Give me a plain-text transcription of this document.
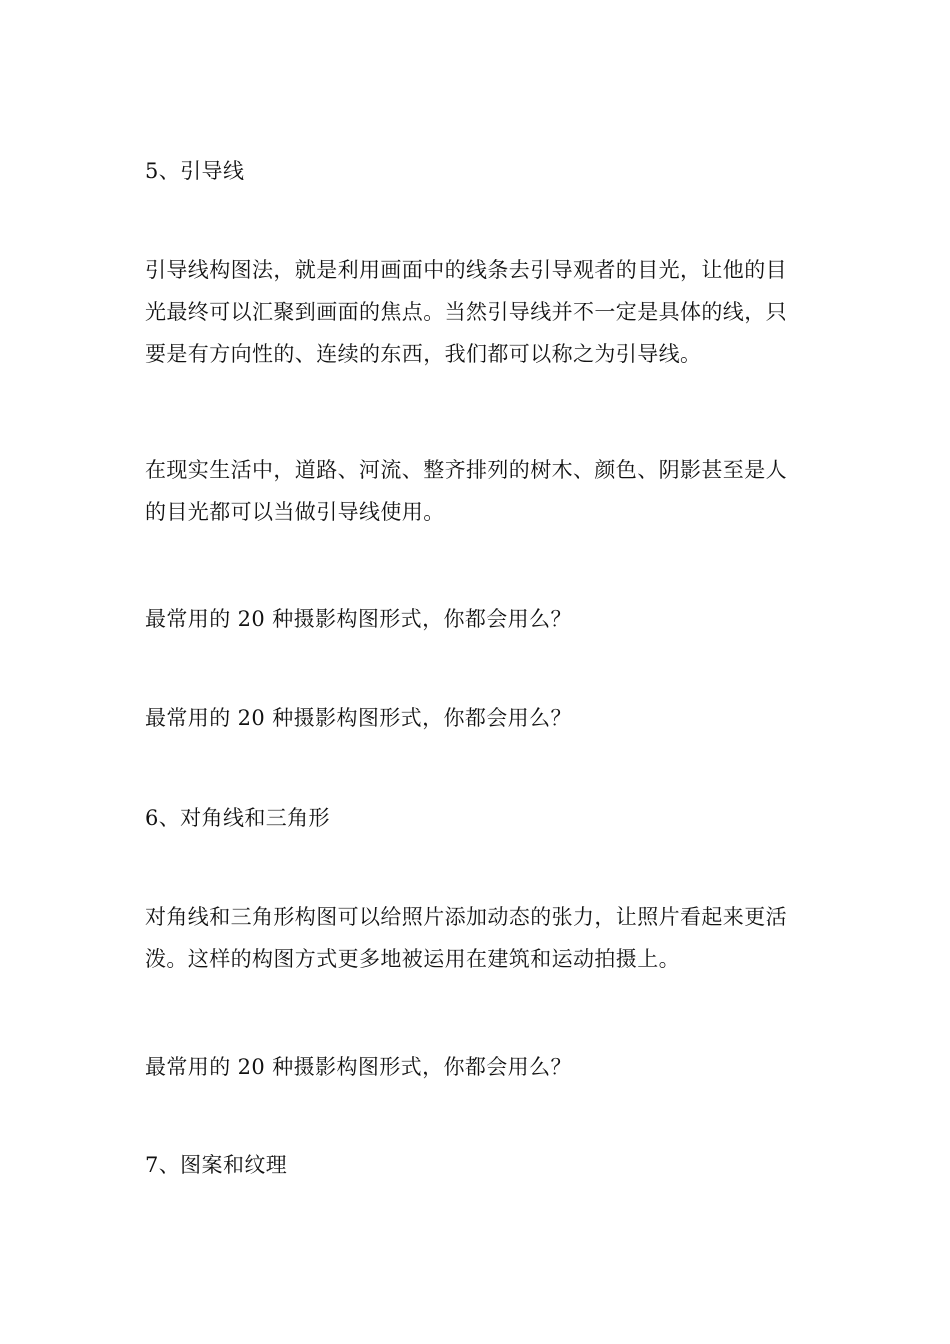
5、引导线

引导线构图法，就是利用画面中的线条去引导观者的目光，让他的目
光最终可以汇聚到画面的焦点。当然引导线并不一定是具体的线，只
要是有方向性的、连续的东西，我们都可以称之为引导线。

在现实生活中，道路、河流、整齐排列的树木、颜色、阴影甚至是人
的目光都可以当做引导线使用。

最常用的 20 种摄影构图形式，你都会用么？

最常用的 20 种摄影构图形式，你都会用么？

6、对角线和三角形

对角线和三角形构图可以给照片添加动态的张力，让照片看起来更活
泼。这样的构图方式更多地被运用在建筑和运动拍摄上。

最常用的 20 种摄影构图形式，你都会用么？

7、图案和纹理
